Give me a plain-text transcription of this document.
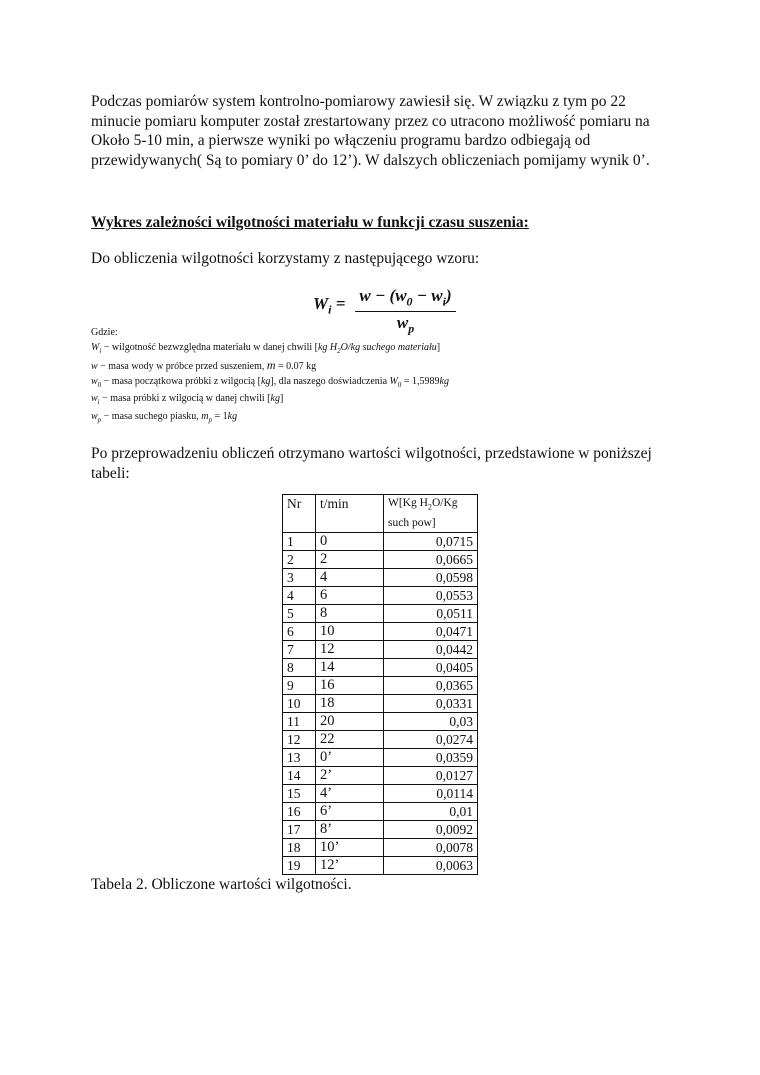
Podczas pomiarów system kontrolno-pomiarowy zawiesił się. W związku z tym po 22
minucie pomiaru komputer został zrestartowany przez co utracono możliwość pomiaru na
Około 5-10 min, a pierwsze wyniki po włączeniu programu bardzo odbiegają od
przewidywanych( Są to pomiary 0’ do 12’). W dalszych obliczeniach pomijamy wynik 0’.

Wykres zależności wilgotności materiału w funkcji czasu suszenia:

Do obliczenia wilgotności korzystamy z następującego wzoru:

$W_i = w - (w_0 - w_i)$
$w_p$
Gdzie:
$W_i$ − wilgotność bezwzględna materiału w danej chwili [kg $H_2O/kg$ suchego materiału]
w − masa wody w próbce przed suszeniem, m = 0.07 kg
$w_0$ − masa początkowa próbki z wilgocią [kg], dla naszego doświadczenia $W_0 = 1,5989kg$
$w_i$ − masa próbki z wilgocią w danej chwili [kg]
$w_p$ − masa suchego piasku, $m_p = 1kg$

Po przeprowadzeniu obliczeń otrzymano wartości wilgotności, przedstawione w poniższej
tabeli:

Nr	t/min	W[Kg $H_2O/Kg$
such pow]
1	0	0,0715
2	2	0,0665
3	4	0,0598
4	6	0,0553
5	8	0,0511
6	10	0,0471
7	12	0,0442
8	14	0,0405
9	16	0,0365
10	18	0,0331
11	20	0,03
12	22	0,0274
13	0’	0,0359
14	2’	0,0127
15	4’	0,0114
16	6’	0,01
17	8’	0,0092
18	10’	0,0078
19	12’	0,0063

Tabela 2. Obliczone wartości wilgotności.
